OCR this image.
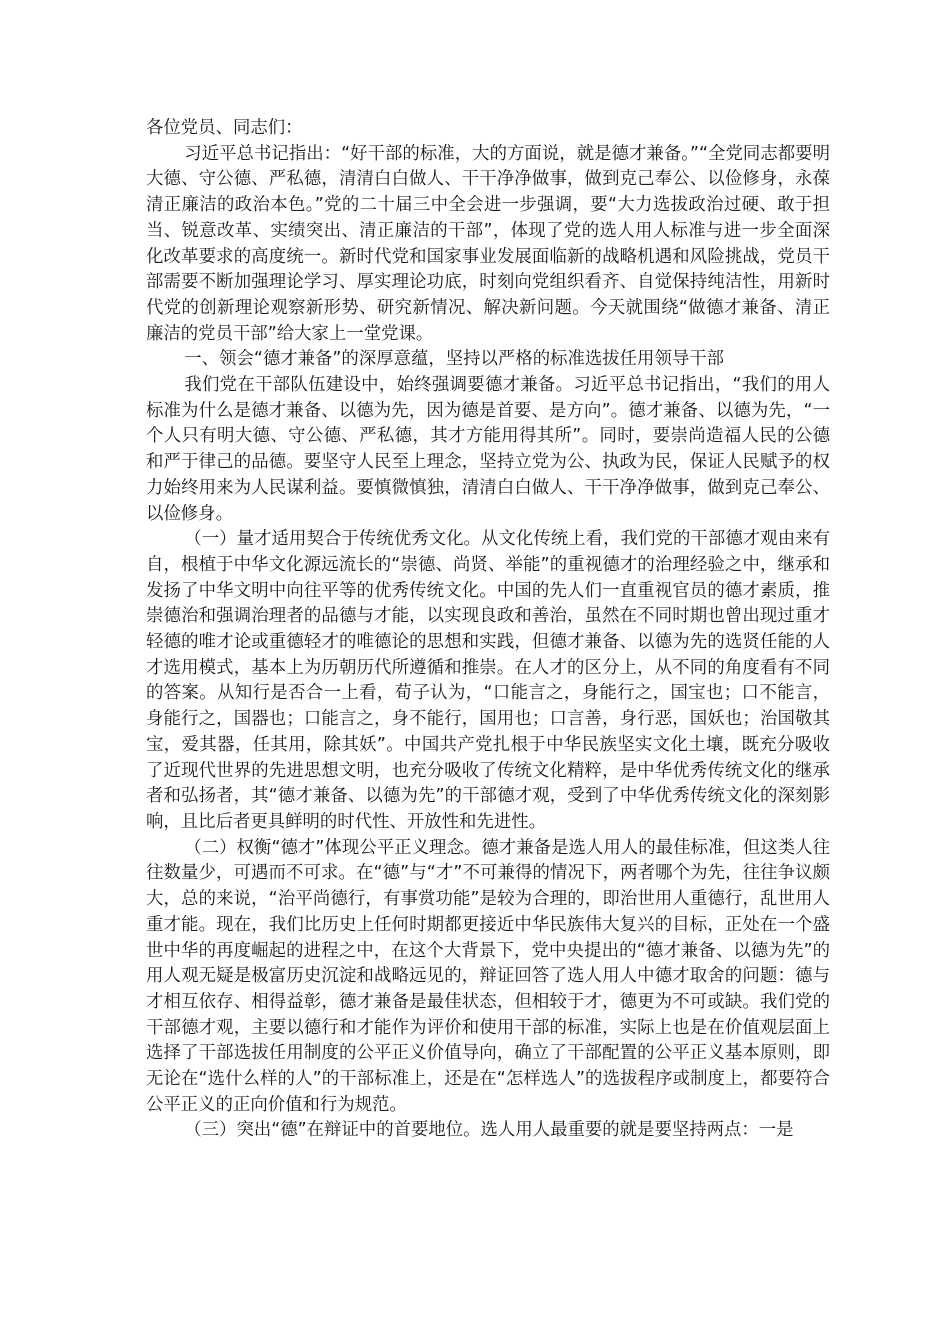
各位党员、同志们：

习近平总书记指出：“好干部的标准，大的方面说，就是德才兼备。”“全党同志都要明大德、守公德、严私德，清清白白做人、干干净净做事，做到克己奉公、以俭修身，永葆清正廉洁的政治本色。”党的二十届三中全会进一步强调，要“大力选拔政治过硬、敢于担当、锐意改革、实绩突出、清正廉洁的干部”，体现了党的选人用人标准与进一步全面深化改革要求的高度统一。新时代党和国家事业发展面临新的战略机遇和风险挑战，党员干部需要不断加强理论学习、厚实理论功底，时刻向党组织看齐、自觉保持纯洁性，用新时代党的创新理论观察新形势、研究新情况、解决新问题。今天就围绕“做德才兼备、清正廉洁的党员干部”给大家上一堂党课。

一、领会“德才兼备”的深厚意蕴，坚持以严格的标准选拔任用领导干部

我们党在干部队伍建设中，始终强调要德才兼备。习近平总书记指出，“我们的用人标准为什么是德才兼备、以德为先，因为德是首要、是方向”。德才兼备、以德为先，“一个人只有明大德、守公德、严私德，其才方能用得其所”。同时，要崇尚造福人民的公德和严于律己的品德。要坚守人民至上理念，坚持立党为公、执政为民，保证人民赋予的权力始终用来为人民谋利益。要慎微慎独，清清白白做人、干干净净做事，做到克己奉公、以俭修身。

（一）量才适用契合于传统优秀文化。从文化传统上看，我们党的干部德才观由来有自，根植于中华文化源远流长的“崇德、尚贤、举能”的重视德才的治理经验之中，继承和发扬了中华文明中向往平等的优秀传统文化。中国的先人们一直重视官员的德才素质，推崇德治和强调治理者的品德与才能，以实现良政和善治，虽然在不同时期也曾出现过重才轻德的唯才论或重德轻才的唯德论的思想和实践，但德才兼备、以德为先的选贤任能的人才选用模式，基本上为历朝历代所遵循和推崇。在人才的区分上，从不同的角度看有不同的答案。从知行是否合一上看，荀子认为，“口能言之，身能行之，国宝也；口不能言，身能行之，国器也；口能言之，身不能行，国用也；口言善，身行恶，国妖也；治国敬其宝，爱其器，任其用，除其妖”。中国共产党扎根于中华民族坚实文化土壤，既充分吸收了近现代世界的先进思想文明，也充分吸收了传统文化精粹，是中华优秀传统文化的继承者和弘扬者，其“德才兼备、以德为先”的干部德才观，受到了中华优秀传统文化的深刻影响，且比后者更具鲜明的时代性、开放性和先进性。

（二）权衡“德才”体现公平正义理念。德才兼备是选人用人的最佳标准，但这类人往往数量少，可遇而不可求。在“德”与“才”不可兼得的情况下，两者哪个为先，往往争议颇大，总的来说，“治平尚德行，有事赏功能”是较为合理的，即治世用人重德行，乱世用人重才能。现在，我们比历史上任何时期都更接近中华民族伟大复兴的目标，正处在一个盛世中华的再度崛起的进程之中，在这个大背景下，党中央提出的“德才兼备、以德为先”的用人观无疑是极富历史沉淀和战略远见的，辩证回答了选人用人中德才取舍的问题：德与才相互依存、相得益彰，德才兼备是最佳状态，但相较于才，德更为不可或缺。我们党的干部德才观，主要以德行和才能作为评价和使用干部的标准，实际上也是在价值观层面上选择了干部选拔任用制度的公平正义价值导向，确立了干部配置的公平正义基本原则，即无论在“选什么样的人”的干部标准上，还是在“怎样选人”的选拔程序或制度上，都要符合公平正义的正向价值和行为规范。

（三）突出“德”在辩证中的首要地位。选人用人最重要的就是要坚持两点：一是
